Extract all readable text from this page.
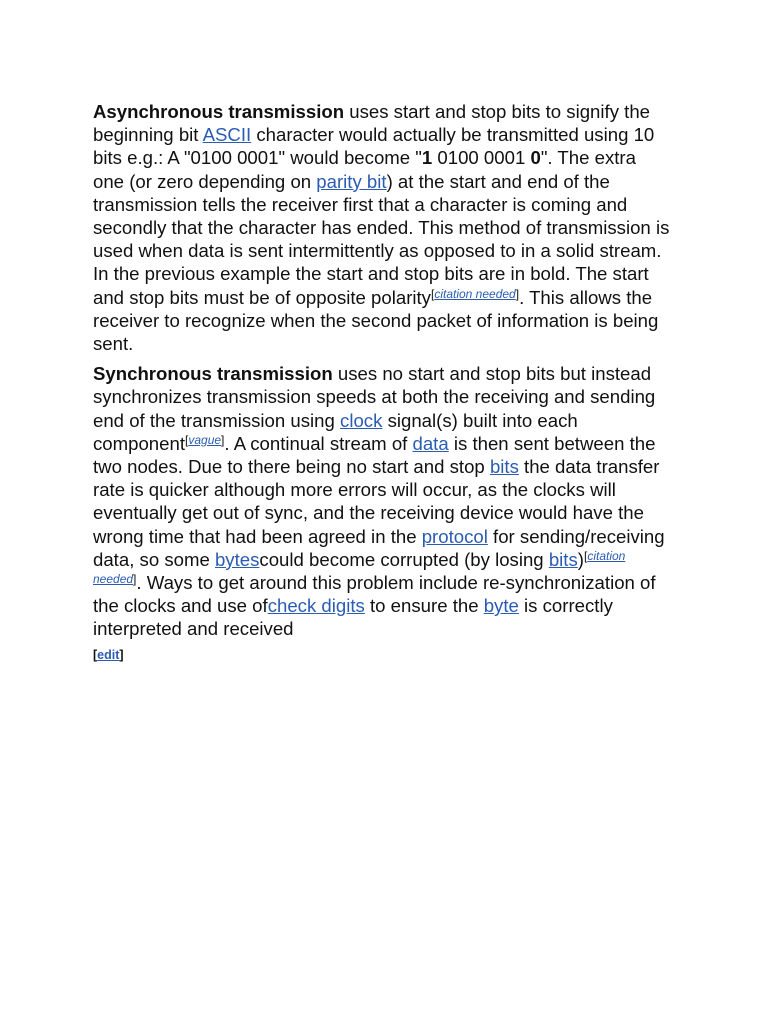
Asynchronous transmission uses start and stop bits to signify the
beginning bit ASCII character would actually be transmitted using 10
bits e.g.: A "0100 0001" would become "1 0100 0001 0". The extra
one (or zero depending on parity bit) at the start and end of the
transmission tells the receiver first that a character is coming and
secondly that the character has ended. This method of transmission is
used when data is sent intermittently as opposed to in a solid stream.
In the previous example the start and stop bits are in bold. The start
and stop bits must be of opposite polarity[citation needed]. This allows the
receiver to recognize when the second packet of information is being
sent.
Synchronous transmission uses no start and stop bits but instead
synchronizes transmission speeds at both the receiving and sending
end of the transmission using clock signal(s) built into each
component[vague]. A continual stream of data is then sent between the
two nodes. Due to there being no start and stop bits the data transfer
rate is quicker although more errors will occur, as the clocks will
eventually get out of sync, and the receiving device would have the
wrong time that had been agreed in the protocol for sending/receiving
data, so some bytescould become corrupted (by losing bits)$^{[citation}$
$^{needed]}$. Ways to get around this problem include re-synchronization of
the clocks and use ofcheck digits to ensure the byte is correctly
interpreted and received
[edit]
